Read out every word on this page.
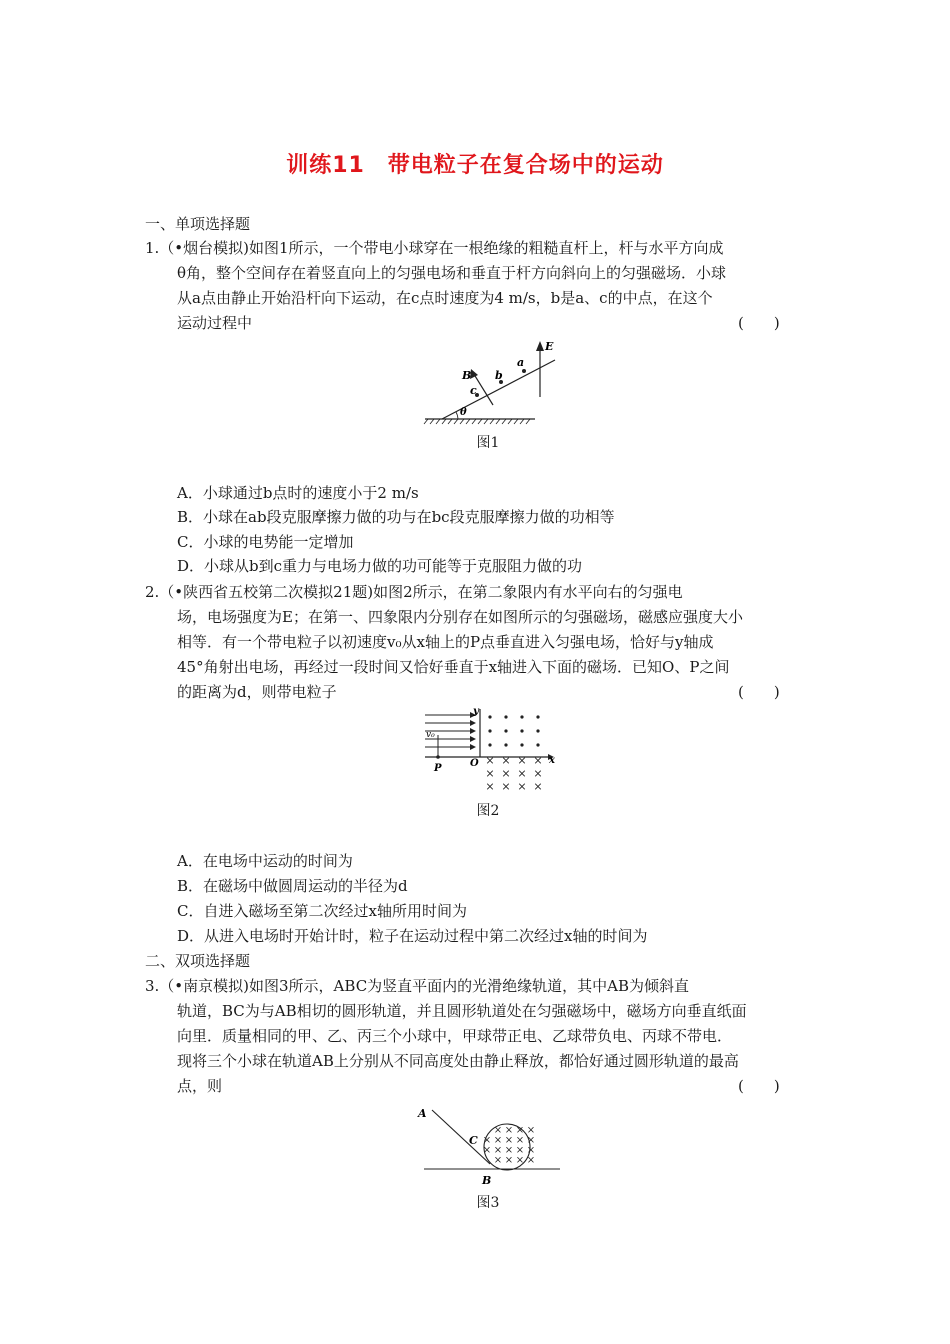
训练11　带电粒子在复合场中的运动
一、单项选择题
1.（•烟台模拟)如图1所示，一个带电小球穿在一根绝缘的粗糙直杆上，杆与水平方向成
θ角，整个空间存在着竖直向上的匀强电场和垂直于杆方向斜向上的匀强磁场．小球
从a点由静止开始沿杆向下运动，在c点时速度为4 m/s，b是a、c的中点，在这个
运动过程中	(　　)
E
B
a
b
c
θ
图1
A．小球通过b点时的速度小于2 m/s
B．小球在ab段克服摩擦力做的功与在bc段克服摩擦力做的功相等
C．小球的电势能一定增加
D．小球从b到c重力与电场力做的功可能等于克服阻力做的功
2.（•陕西省五校第二次模拟21题)如图2所示，在第二象限内有水平向右的匀强电
场，电场强度为E；在第一、四象限内分别存在如图所示的匀强磁场，磁感应强度大小
相等．有一个带电粒子以初速度v₀从x轴上的P点垂直进入匀强电场，恰好与y轴成
45°角射出电场，再经过一段时间又恰好垂直于x轴进入下面的磁场．已知O、P之间
的距离为d，则带电粒子	(　　)
× × × ×
× × × ×
× × × ×
y
x
O
P
v₀
图2
A．在电场中运动的时间为
B．在磁场中做圆周运动的半径为d
C．自进入磁场至第二次经过x轴所用时间为
D．从进入电场时开始计时，粒子在运动过程中第二次经过x轴的时间为
二、双项选择题
3.（•南京模拟)如图3所示，ABC为竖直平面内的光滑绝缘轨道，其中AB为倾斜直
轨道，BC为与AB相切的圆形轨道，并且圆形轨道处在匀强磁场中，磁场方向垂直纸面
向里．质量相同的甲、乙、丙三个小球中，甲球带正电、乙球带负电、丙球不带电．
现将三个小球在轨道AB上分别从不同高度处由静止释放，都恰好通过圆形轨道的最高
点，则	(　　)
× × × ×
× × × × ×
× × × × ×
× × × ×
A
C
B
图3
